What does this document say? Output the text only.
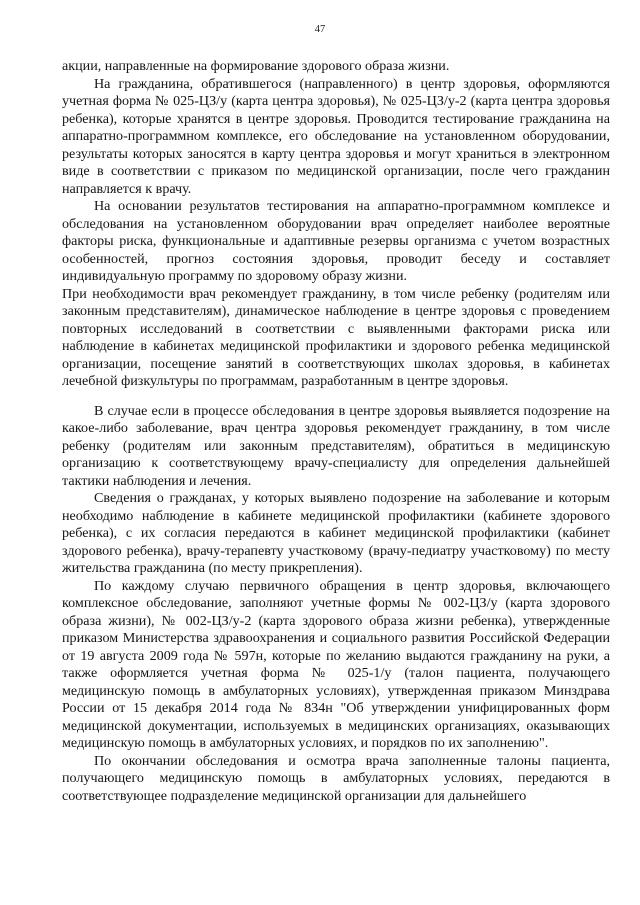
47

акции, направленные на формирование здорового образа жизни.

На гражданина, обратившегося (направленного) в центр здоровья, оформляются учетная форма № 025-ЦЗ/у (карта центра здоровья), № 025-ЦЗ/у-2 (карта центра здоровья ребенка), которые хранятся в центре здоровья. Проводится тестирование гражданина на аппаратно-программном комплексе, его обследование на установленном оборудовании, результаты которых заносятся в карту центра здоровья и могут храниться в электронном виде в соответствии с приказом по медицинской организации, после чего гражданин направляется к врачу.

На основании результатов тестирования на аппаратно-программном комплексе и обследования на установленном оборудовании врач определяет наиболее вероятные факторы риска, функциональные и адаптивные резервы организма с учетом возрастных особенностей, прогноз состояния здоровья, проводит беседу и составляет индивидуальную программу по здоровому образу жизни.

При необходимости врач рекомендует гражданину, в том числе ребенку (родителям или законным представителям), динамическое наблюдение в центре здоровья с проведением повторных исследований в соответствии с выявленными факторами риска или наблюдение в кабинетах медицинской профилактики и здорового ребенка медицинской организации, посещение занятий в соответствующих школах здоровья, в кабинетах лечебной физкультуры по программам, разработанным в центре здоровья.

В случае если в процессе обследования в центре здоровья выявляется подозрение на какое-либо заболевание, врач центра здоровья рекомендует гражданину, в том числе ребенку (родителям или законным представителям), обратиться в медицинскую организацию к соответствующему врачу-специалисту для определения дальнейшей тактики наблюдения и лечения.

Сведения о гражданах, у которых выявлено подозрение на заболевание и которым необходимо наблюдение в кабинете медицинской профилактики (кабинете здорового ребенка), с их согласия передаются в кабинет медицинской профилактики (кабинет здорового ребенка), врачу-терапевту участковому (врачу-педиатру участковому) по месту жительства гражданина (по месту прикрепления).

По каждому случаю первичного обращения в центр здоровья, включающего комплексное обследование, заполняют учетные формы № 002-ЦЗ/у (карта здорового образа жизни), № 002-ЦЗ/у-2 (карта здорового образа жизни ребенка), утвержденные приказом Министерства здравоохранения и социального развития Российской Федерации от 19 августа 2009 года № 597н, которые по желанию выдаются гражданину на руки, а также оформляется учетная форма № 025-1/у (талон пациента, получающего медицинскую помощь в амбулаторных условиях), утвержденная приказом Минздрава России от 15 декабря 2014 года № 834н "Об утверждении унифицированных форм медицинской документации, используемых в медицинских организациях, оказывающих медицинскую помощь в амбулаторных условиях, и порядков по их заполнению".

По окончании обследования и осмотра врача заполненные талоны пациента, получающего медицинскую помощь в амбулаторных условиях, передаются в соответствующее подразделение медицинской организации для дальнейшего
